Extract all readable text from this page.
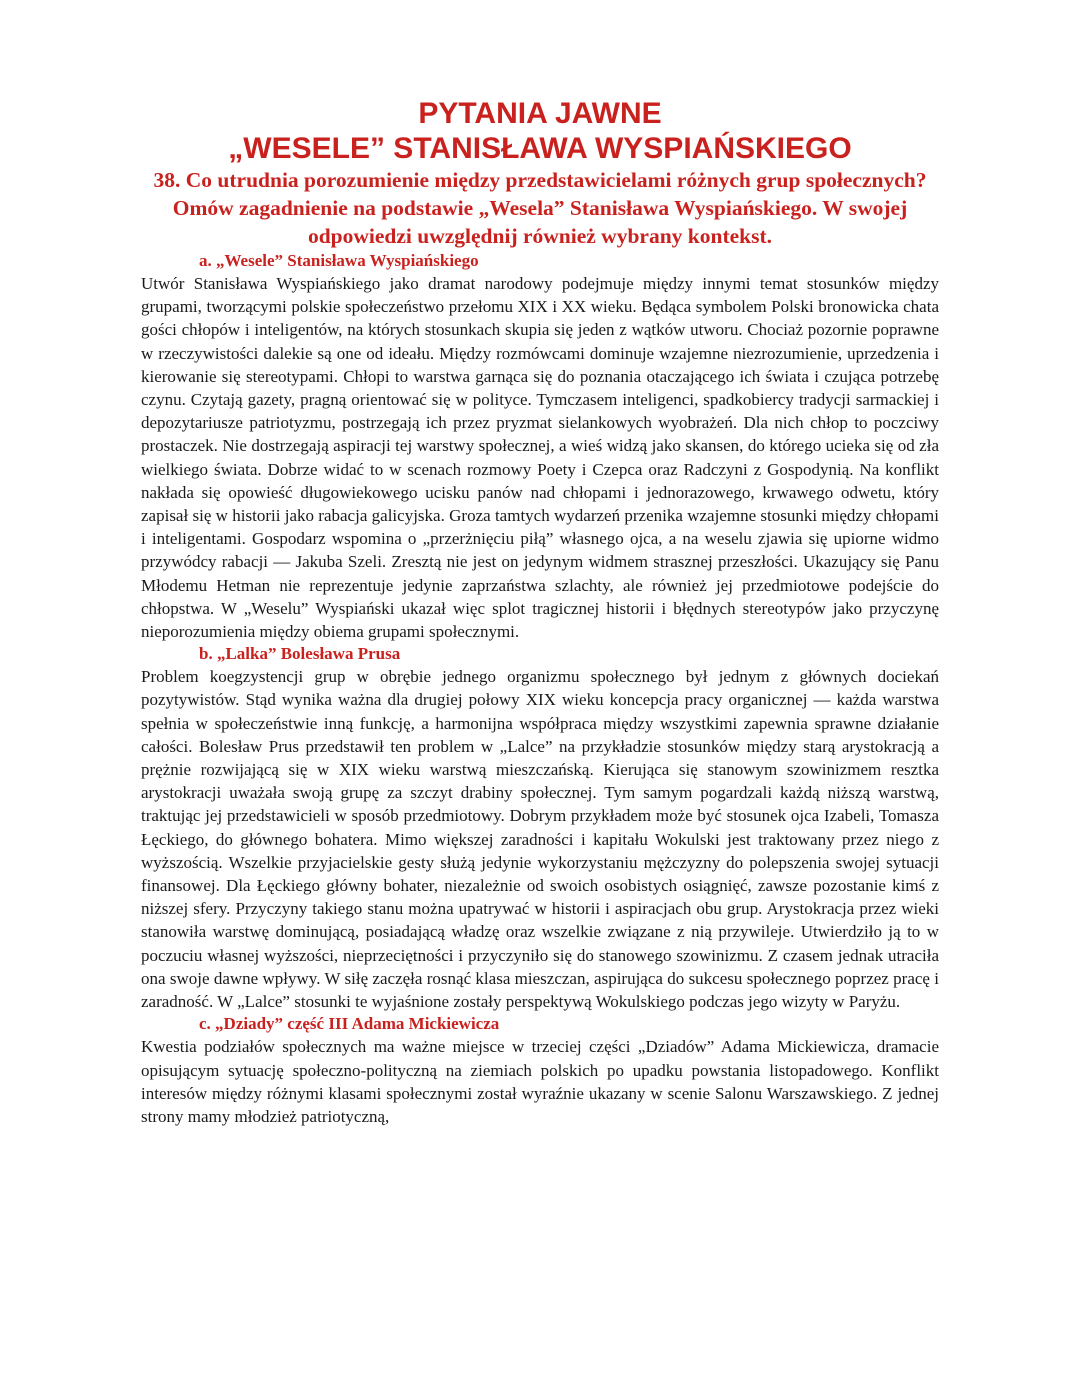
PYTANIA JAWNE
„WESELE” STANISŁAWA WYSPIAŃSKIEGO

38. Co utrudnia porozumienie między przedstawicielami różnych grup społecznych? Omów zagadnienie na podstawie „Wesela” Stanisława Wyspiańskiego. W swojej odpowiedzi uwzględnij również wybrany kontekst.

a. „Wesele” Stanisława Wyspiańskiego

Utwór Stanisława Wyspiańskiego jako dramat narodowy podejmuje między innymi temat stosunków między grupami, tworzącymi polskie społeczeństwo przełomu XIX i XX wieku. Będąca symbolem Polski bronowicka chata gości chłopów i inteligentów, na których stosunkach skupia się jeden z wątków utworu. Chociaż pozornie poprawne w rzeczywistości dalekie są one od ideału. Między rozmówcami dominuje wzajemne niezrozumienie, uprzedzenia i kierowanie się stereotypami. Chłopi to warstwa garnąca się do poznania otaczającego ich świata i czująca potrzebę czynu. Czytają gazety, pragną orientować się w polityce. Tymczasem inteligenci, spadkobiercy tradycji sarmackiej i depozytariusze patriotyzmu, postrzegają ich przez pryzmat sielankowych wyobrażeń. Dla nich chłop to poczciwy prostaczek. Nie dostrzegają aspiracji tej warstwy społecznej, a wieś widzą jako skansen, do którego ucieka się od zła wielkiego świata. Dobrze widać to w scenach rozmowy Poety i Czepca oraz Radczyni z Gospodynią. Na konflikt nakłada się opowieść długowiekowego ucisku panów nad chłopami i jednorazowego, krwawego odwetu, który zapisał się w historii jako rabacja galicyjska. Groza tamtych wydarzeń przenika wzajemne stosunki między chłopami i inteligentami. Gospodarz wspomina o „przerżnięciu piłą” własnego ojca, a na weselu zjawia się upiorne widmo przywódcy rabacji — Jakuba Szeli. Zresztą nie jest on jedynym widmem strasznej przeszłości. Ukazujący się Panu Młodemu Hetman nie reprezentuje jedynie zaprzaństwa szlachty, ale również jej przedmiotowe podejście do chłopstwa. W „Weselu” Wyspiański ukazał więc splot tragicznej historii i błędnych stereotypów jako przyczynę nieporozumienia między obiema grupami społecznymi.

b. „Lalka” Bolesława Prusa

Problem koegzystencji grup w obrębie jednego organizmu społecznego był jednym z głównych dociekań pozytywistów. Stąd wynika ważna dla drugiej połowy XIX wieku koncepcja pracy organicznej — każda warstwa spełnia w społeczeństwie inną funkcję, a harmonijna współpraca między wszystkimi zapewnia sprawne działanie całości. Bolesław Prus przedstawił ten problem w „Lalce” na przykładzie stosunków między starą arystokracją a prężnie rozwijającą się w XIX wieku warstwą mieszczańską. Kierująca się stanowym szowinizmem resztka arystokracji uważała swoją grupę za szczyt drabiny społecznej. Tym samym pogardzali każdą niższą warstwą, traktując jej przedstawicieli w sposób przedmiotowy. Dobrym przykładem może być stosunek ojca Izabeli, Tomasza Łęckiego, do głównego bohatera. Mimo większej zaradności i kapitału Wokulski jest traktowany przez niego z wyższością. Wszelkie przyjacielskie gesty służą jedynie wykorzystaniu mężczyzny do polepszenia swojej sytuacji finansowej. Dla Łęckiego główny bohater, niezależnie od swoich osobistych osiągnięć, zawsze pozostanie kimś z niższej sfery. Przyczyny takiego stanu można upatrywać w historii i aspiracjach obu grup. Arystokracja przez wieki stanowiła warstwę dominującą, posiadającą władzę oraz wszelkie związane z nią przywileje. Utwierdziło ją to w poczuciu własnej wyższości, nieprzeciętności i przyczyniło się do stanowego szowinizmu. Z czasem jednak utraciła ona swoje dawne wpływy. W siłę zaczęła rosnąć klasa mieszczan, aspirująca do sukcesu społecznego poprzez pracę i zaradność. W „Lalce” stosunki te wyjaśnione zostały perspektywą Wokulskiego podczas jego wizyty w Paryżu.

c. „Dziady” część III Adama Mickiewicza

Kwestia podziałów społecznych ma ważne miejsce w trzeciej części „Dziadów” Adama Mickiewicza, dramacie opisującym sytuację społeczno-polityczną na ziemiach polskich po upadku powstania listopadowego. Konflikt interesów między różnymi klasami społecznymi został wyraźnie ukazany w scenie Salonu Warszawskiego. Z jednej strony mamy młodzież patriotyczną,
